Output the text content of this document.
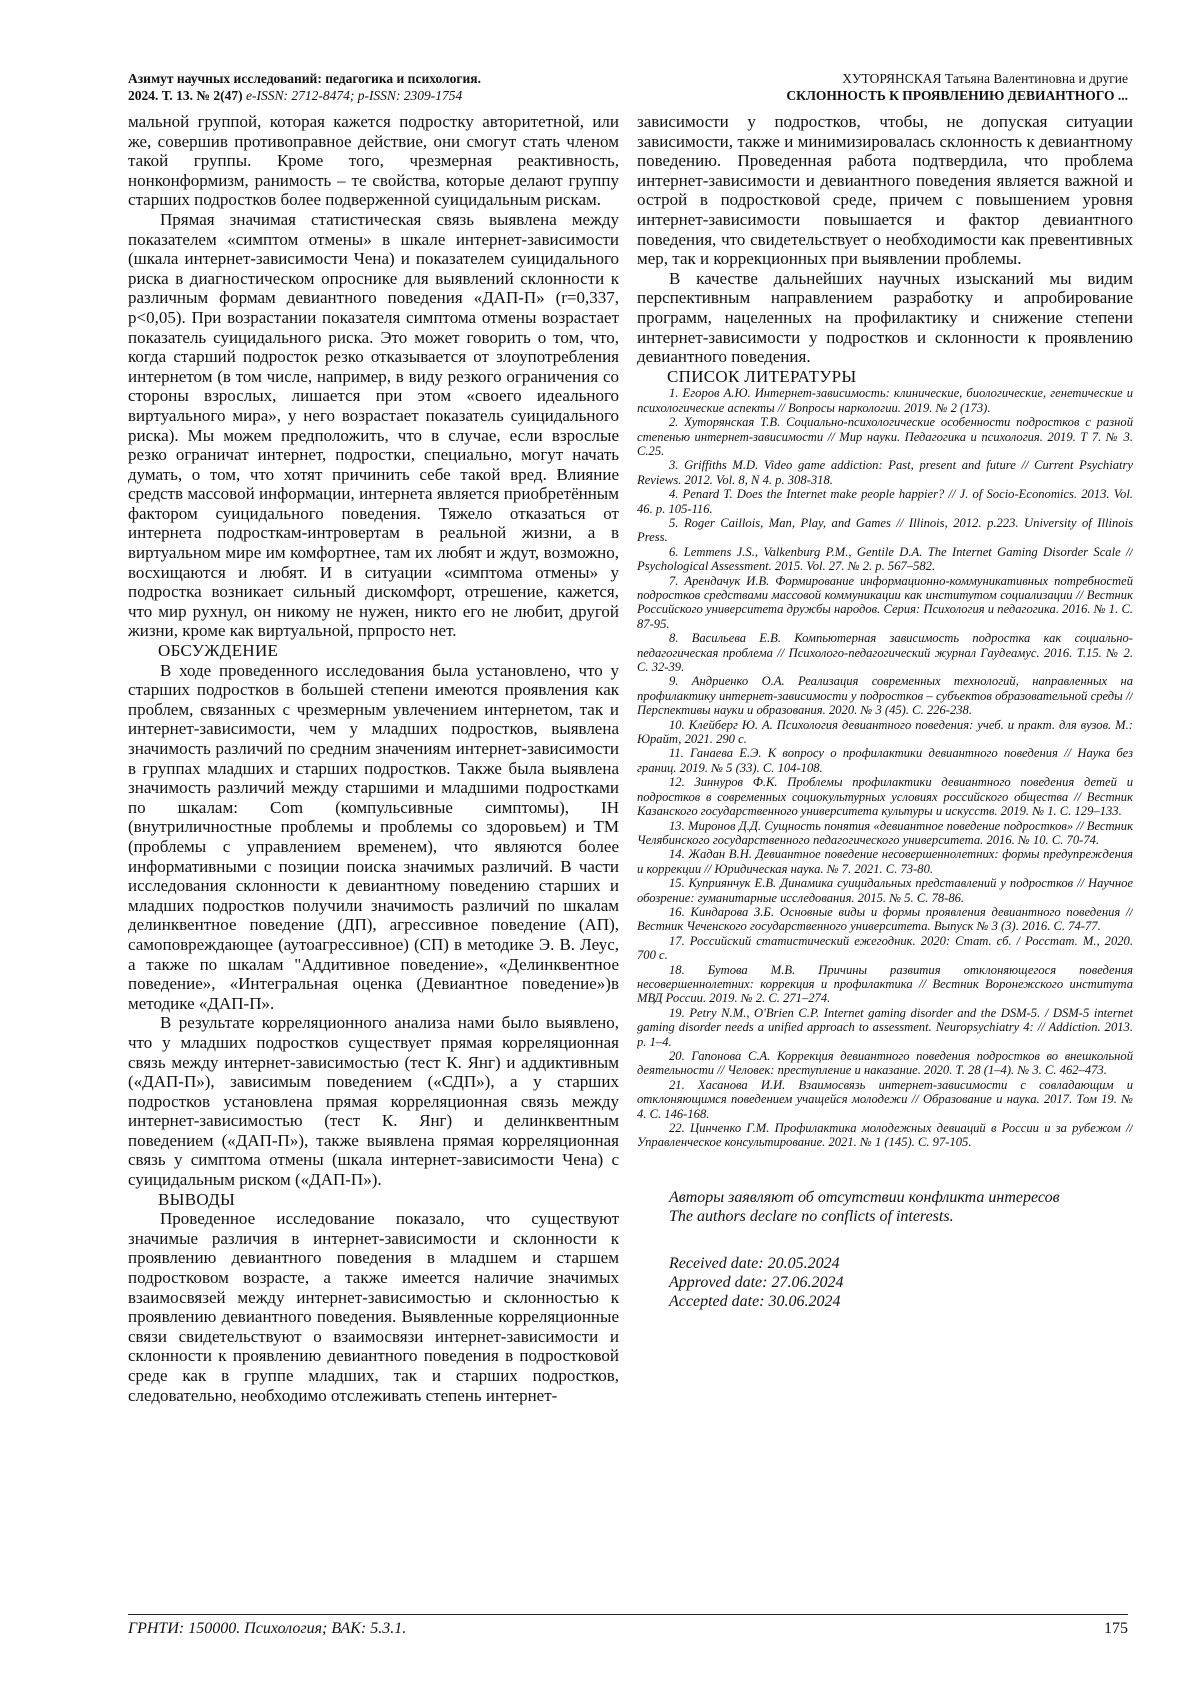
Азимут научных исследований: педагогика и психология.
2024. Т. 13. № 2(47) e-ISSN: 2712-8474; p-ISSN: 2309-1754
ХУТОРЯНСКАЯ Татьяна Валентиновна и другие
СКЛОННОСТЬ К ПРОЯВЛЕНИЮ ДЕВИАНТНОГО ...

мальной группой, которая кажется подростку авторитетной, или же, совершив противоправное действие, они смогут стать членом такой группы. Кроме того, чрезмерная реактивность, нонконформизм, ранимость – те свойства, которые делают группу старших подростков более подверженной суицидальным рискам.

Прямая значимая статистическая связь выявлена между показателем «симптом отмены» в шкале интернет-зависимости (шкала интернет-зависимости Чена) и показателем суицидального риска в диагностическом опроснике для выявлений склонности к различным формам девиантного поведения «ДАП-П» (r=0,337, p<0,05). При возрастании показателя симптома отмены возрастает показатель суицидального риска. Это может говорить о том, что, когда старший подросток резко отказывается от злоупотребления интернетом (в том числе, например, в виду резкого ограничения со стороны взрослых, лишается при этом «своего идеального виртуального мира», у него возрастает показатель суицидального риска). Мы можем предположить, что в случае, если взрослые резко ограничат интернет, подростки, специально, могут начать думать, о том, что хотят причинить себе такой вред. Влияние средств массовой информации, интернета является приобретённым фактором суицидального поведения. Тяжело отказаться от интернета подросткам-интровертам в реальной жизни, а в виртуальном мире им комфортнее, там их любят и ждут, возможно, восхищаются и любят. И в ситуации «симптома отмены» у подростка возникает сильный дискомфорт, отрешение, кажется, что мир рухнул, он никому не нужен, никто его не любит, другой жизни, кроме как виртуальной, прпросто нет.

ОБСУЖДЕНИЕ

В ходе проведенного исследования была установлено, что у старших подростков в большей степени имеются проявления как проблем, связанных с чрезмерным увлечением интернетом, так и интернет-зависимости, чем у младших подростков, выявлена значимость различий по средним значениям интернет-зависимости в группах младших и старших подростков. Также была выявлена значимость различий между старшими и младшими подростками по шкалам: Com (компульсивные симптомы), IH (внутриличностные проблемы и проблемы со здоровьем) и TM (проблемы с управлением временем), что являются более информативными с позиции поиска значимых различий. В части исследования склонности к девиантному поведению старших и младших подростков получили значимость различий по шкалам делинквентное поведение (ДП), агрессивное поведение (АП), самоповреждающее (аутоагрессивное) (СП) в методике Э. В. Леус, а также по шкалам "Аддитивное поведение», «Делинквентное поведение», «Интегральная оценка (Девиантное поведение»)в методике «ДАП-П».

В результате корреляционного анализа нами было выявлено, что у младших подростков существует прямая корреляционная связь между интернет-зависимостью (тест К. Янг) и аддиктивным («ДАП-П»), зависимым поведением («СДП»), а у старших подростков установлена прямая корреляционная связь между интернет-зависимостью (тест К. Янг) и делинквентным поведением («ДАП-П»), также выявлена прямая корреляционная связь у симптома отмены (шкала интернет-зависимости Чена) с суицидальным риском («ДАП-П»).

ВЫВОДЫ

Проведенное исследование показало, что существуют значимые различия в интернет-зависимости и склонности к проявлению девиантного поведения в младшем и старшем подростковом возрасте, а также имеется наличие значимых взаимосвязей между интернет-зависимостью и склонностью к проявлению девиантного поведения. Выявленные корреляционные связи свидетельствуют о взаимосвязи интернет-зависимости и склонности к проявлению девиантного поведения в подростковой среде как в группе младших, так и старших подростков, следовательно, необходимо отслеживать степень интернет-

зависимости у подростков, чтобы, не допуская ситуации зависимости, также и минимизировалась склонность к девиантному поведению. Проведенная работа подтвердила, что проблема интернет-зависимости и девиантного поведения является важной и острой в подростковой среде, причем с повышением уровня интернет-зависимости повышается и фактор девиантного поведения, что свидетельствует о необходимости как превентивных мер, так и коррекционных при выявлении проблемы.

В качестве дальнейших научных изысканий мы видим перспективным направлением разработку и апробирование программ, нацеленных на профилактику и снижение степени интернет-зависимости у подростков и склонности к проявлению девиантного поведения.

СПИСОК ЛИТЕРАТУРЫ

1. Егоров А.Ю. Интернет-зависимость: клинические, биологические, генетические и психологические аспекты // Вопросы наркологии. 2019. № 2 (173).
2. Хуторянская Т.В. Социально-психологические особенности подростков с разной степенью интернет-зависимости // Мир науки. Педагогика и психология. 2019. Т 7. № 3. С.25.
3. Griffiths M.D. Video game addiction: Past, present and future // Current Psychiatry Reviews. 2012. Vol. 8, N 4. p. 308-318.
4. Penard T. Does the Internet make people happier? // J. of Socio-Economics. 2013. Vol. 46. p. 105-116.
5. Roger Caillois, Man, Play, and Games // Illinois, 2012. p.223. University of Illinois Press.
6. Lemmens J.S., Valkenburg P.M., Gentile D.A. The Internet Gaming Disorder Scale // Psychological Assessment. 2015. Vol. 27. № 2. p. 567–582.
7. Арендачук И.В. Формирование информационно-коммуникативных потребностей подростков средствами массовой коммуникации как институтом социализации // Вестник Российского университета дружбы народов. Серия: Психология и педагогика. 2016. № 1. С. 87-95.
8. Васильева Е.В. Компьютерная зависимость подростка как социально-педагогическая проблема // Психолого-педагогический журнал Гаудеамус. 2016. Т.15. № 2. С. 32-39.
9. Андриенко О.А. Реализация современных технологий, направленных на профилактику интернет-зависимости у подростков – субъектов образовательной среды // Перспективы науки и образования. 2020. № 3 (45). С. 226-238.
10. Клейберг Ю. А. Психология девиантного поведения: учеб. и практ. для вузов. М.: Юрайт, 2021. 290 с.
11. Ганаева Е.Э. К вопросу о профилактики девиантного поведения // Наука без границ. 2019. № 5 (33). С. 104-108.
12. Зиннуров Ф.К. Проблемы профилактики девиантного поведения детей и подростков в современных социокультурных условиях российского общества // Вестник Казанского государственного университета культуры и искусств. 2019. № 1. С. 129–133.
13. Миронов Д.Д. Сущность понятия «девиантное поведение подростков» // Вестник Челябинского государственного педагогического университета. 2016. № 10. С. 70-74.
14. Жадан В.Н. Девиантное поведение несовершеннолетних: формы предупреждения и коррекции // Юридическая наука. № 7. 2021. С. 73-80.
15. Куприянчук Е.В. Динамика суицидальных представлений у подростков // Научное обозрение: гуманитарные исследования. 2015. № 5. С. 78-86.
16. Киндарова З.Б. Основные виды и формы проявления девиантного поведения // Вестник Чеченского государственного университета. Выпуск № 3 (3). 2016. С. 74-77.
17. Российский статистический ежегодник. 2020: Стат. сб. / Росстат. М., 2020. 700 с.
18. Бутова М.В. Причины развития отклоняющегося поведения несовершеннолетних: коррекция и профилактика // Вестник Воронежского института МВД России. 2019. № 2. С. 271–274.
19. Petry N.M., O'Brien C.P. Internet gaming disorder and the DSM-5. / DSM-5 internet gaming disorder needs a unified approach to assessment. Neuropsychiatry 4: // Addiction. 2013. p. 1–4.
20. Гапонова С.А. Коррекция девиантного поведения подростков во внешкольной деятельности // Человек: преступление и наказание. 2020. Т. 28 (1–4). № 3. С. 462–473.
21. Хасанова И.И. Взаимосвязь интернет-зависимости с совладающим и отклоняющимся поведением учащейся молодежи // Образование и наука. 2017. Том 19. № 4. С. 146-168.
22. Цинченко Г.М. Профилактика молодежных девиаций в России и за рубежом // Управленческое консультирование. 2021. № 1 (145). С. 97-105.

Авторы заявляют об отсутствии конфликта интересов

The authors declare no conflicts of interests.

Received date: 20.05.2024

Approved date: 27.06.2024

Accepted date: 30.06.2024

ГРНТИ: 150000. Психология; ВАК: 5.3.1.	175
